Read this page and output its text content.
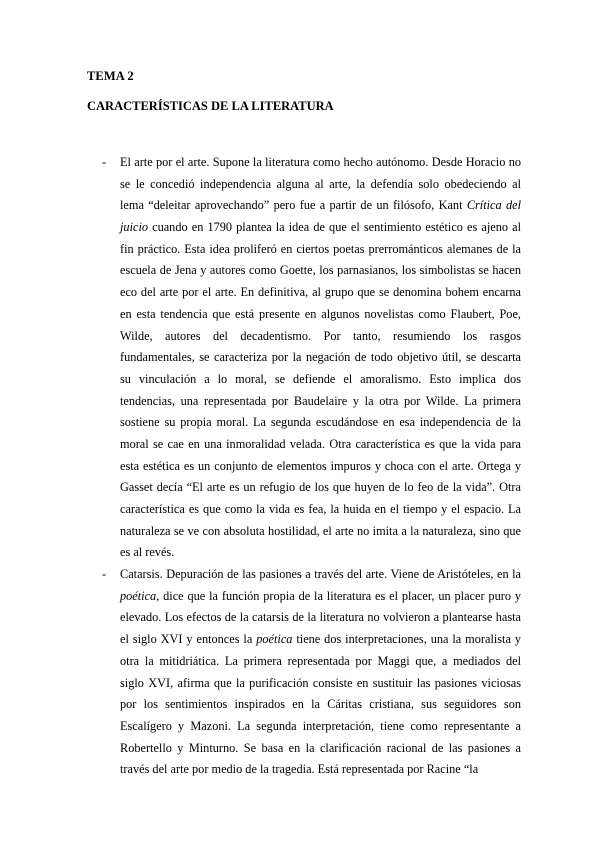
TEMA 2
CARACTERÍSTICAS DE LA LITERATURA
- El arte por el arte. Supone la literatura como hecho autónomo. Desde Horacio no
se le concedió independencia alguna al arte, la defendía solo obedeciendo al
lema “deleitar aprovechando” pero fue a partir de un filósofo, Kant Crítica del
juicio cuando en 1790 plantea la idea de que el sentimiento estético es ajeno al
fin práctico. Esta idea proliferó en ciertos poetas prerrománticos alemanes de la
escuela de Jena y autores como Goette, los parnasianos, los simbolistas se hacen
eco del arte por el arte. En definitiva, al grupo que se denomina bohem encarna
en esta tendencia que está presente en algunos novelistas como Flaubert, Poe,
Wilde, autores del decadentismo. Por tanto, resumiendo los rasgos
fundamentales, se caracteriza por la negación de todo objetivo útil, se descarta
su vinculación a lo moral, se defiende el amoralismo. Esto implica dos
tendencias, una representada por Baudelaire y la otra por Wilde. La primera
sostiene su propia moral. La segunda escudándose en esa independencia de la
moral se cae en una inmoralidad velada. Otra característica es que la vida para
esta estética es un conjunto de elementos impuros y choca con el arte. Ortega y
Gasset decía “El arte es un refugio de los que huyen de lo feo de la vida”. Otra
característica es que como la vida es fea, la huida en el tiempo y el espacio. La
naturaleza se ve con absoluta hostilidad, el arte no imita a la naturaleza, sino que
es al revés.
- Catarsis. Depuración de las pasiones a través del arte. Viene de Aristóteles, en la
poética, dice que la función propia de la literatura es el placer, un placer puro y
elevado. Los efectos de la catarsis de la literatura no volvieron a plantearse hasta
el siglo XVI y entonces la poética tiene dos interpretaciones, una la moralista y
otra la mitidriática. La primera representada por Maggi que, a mediados del
siglo XVI, afirma que la purificación consiste en sustituir las pasiones viciosas
por los sentimientos inspirados en la Cáritas cristiana, sus seguidores son
Escalígero y Mazoni. La segunda interpretación, tiene como representante a
Robertello y Minturno. Se basa en la clarificación racional de las pasiones a
través del arte por medio de la tragedia. Está representada por Racine “la
